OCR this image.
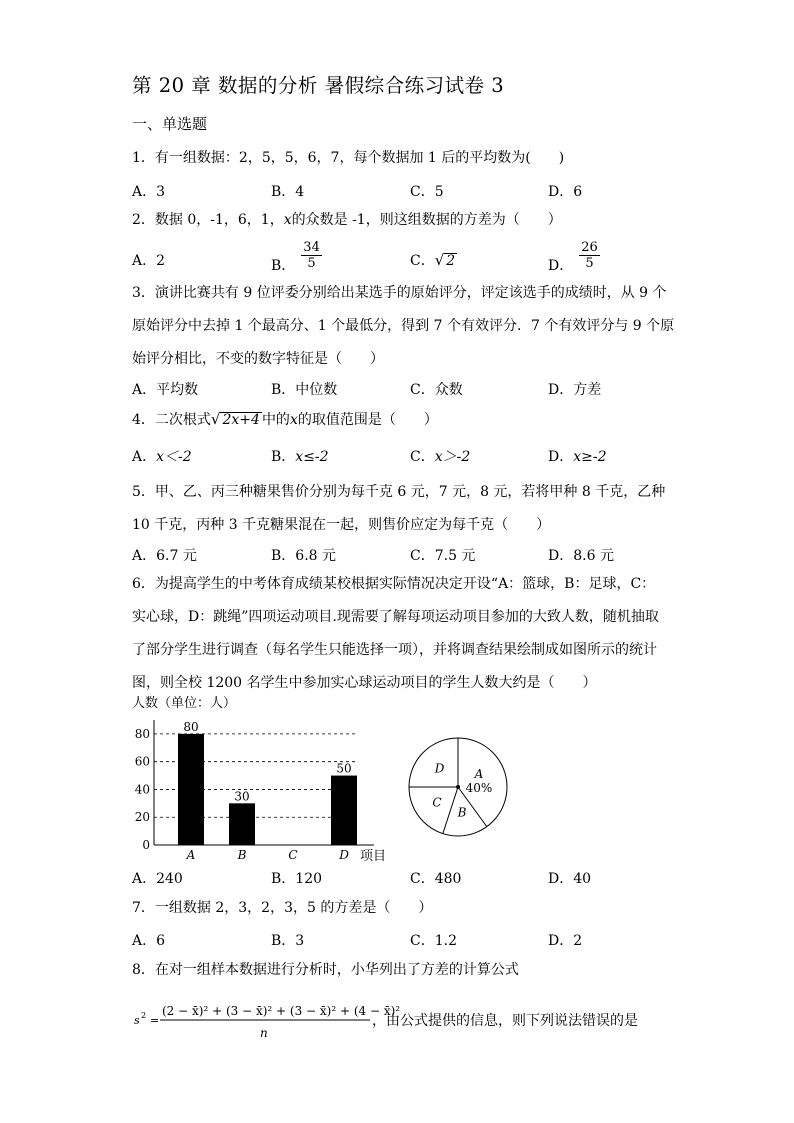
第 20 章 数据的分析 暑假综合练习试卷 3
一、单选题
1．有一组数据：2，5，5，6，7，每个数据加 1 后的平均数为(　　)
A．3	B．4	C．5	D．6
2．数据 0，-1，6，1，x的众数是 -1，则这组数据的方差为（　　）
A．2	B． $\frac{34}{5}$	C．√ 2	D． $\frac{26}{5}$
3．演讲比赛共有 9 位评委分别给出某选手的原始评分，评定该选手的成绩时，从 9 个
原始评分中去掉 1 个最高分、1 个最低分，得到 7 个有效评分．7 个有效评分与 9 个原
始评分相比，不变的数字特征是（　　）
A．平均数	B．中位数	C．众数	D．方差
4．二次根式√ 2x+4 中的x的取值范围是（　　）
A．x＜-2	B．x≤-2	C．x＞-2	D．x≥-2
5．甲、乙、丙三种糖果售价分别为每千克 6 元，7 元，8 元，若将甲种 8 千克，乙种
10 千克，丙种 3 千克糖果混在一起，则售价应定为每千克（　　）
A．6.7 元	B．6.8 元	C．7.5 元	D．8.6 元
6．为提高学生的中考体育成绩某校根据实际情况决定开设“A：篮球，B：足球，C：
实心球，D：跳绳”四项运动项目.现需要了解每项运动项目参加的大致人数，随机抽取
了部分学生进行调查（每名学生只能选择一项），并将调查结果绘制成如图所示的统计
图，则全校 1200 名学生中参加实心球运动项目的学生人数大约是（　　）
人数（单位：人）
0
20
40
60
80	80
A
30
B	C
50
D 项目
A
40%
B
C
D
A．240	B．120	C．480	D．40
7．一组数据 2，3，2，3，5 的方差是（　　）
A．6	B．3	C．1.2	D．2
8．在对一组样本数据进行分析时，小华列出了方差的计算公式
s 2 =
(2 − x̄)² + (3 − x̄)² + (3 − x̄)² + (4 − x̄)²
n
，由公式提供的信息，则下列说法错误的是
